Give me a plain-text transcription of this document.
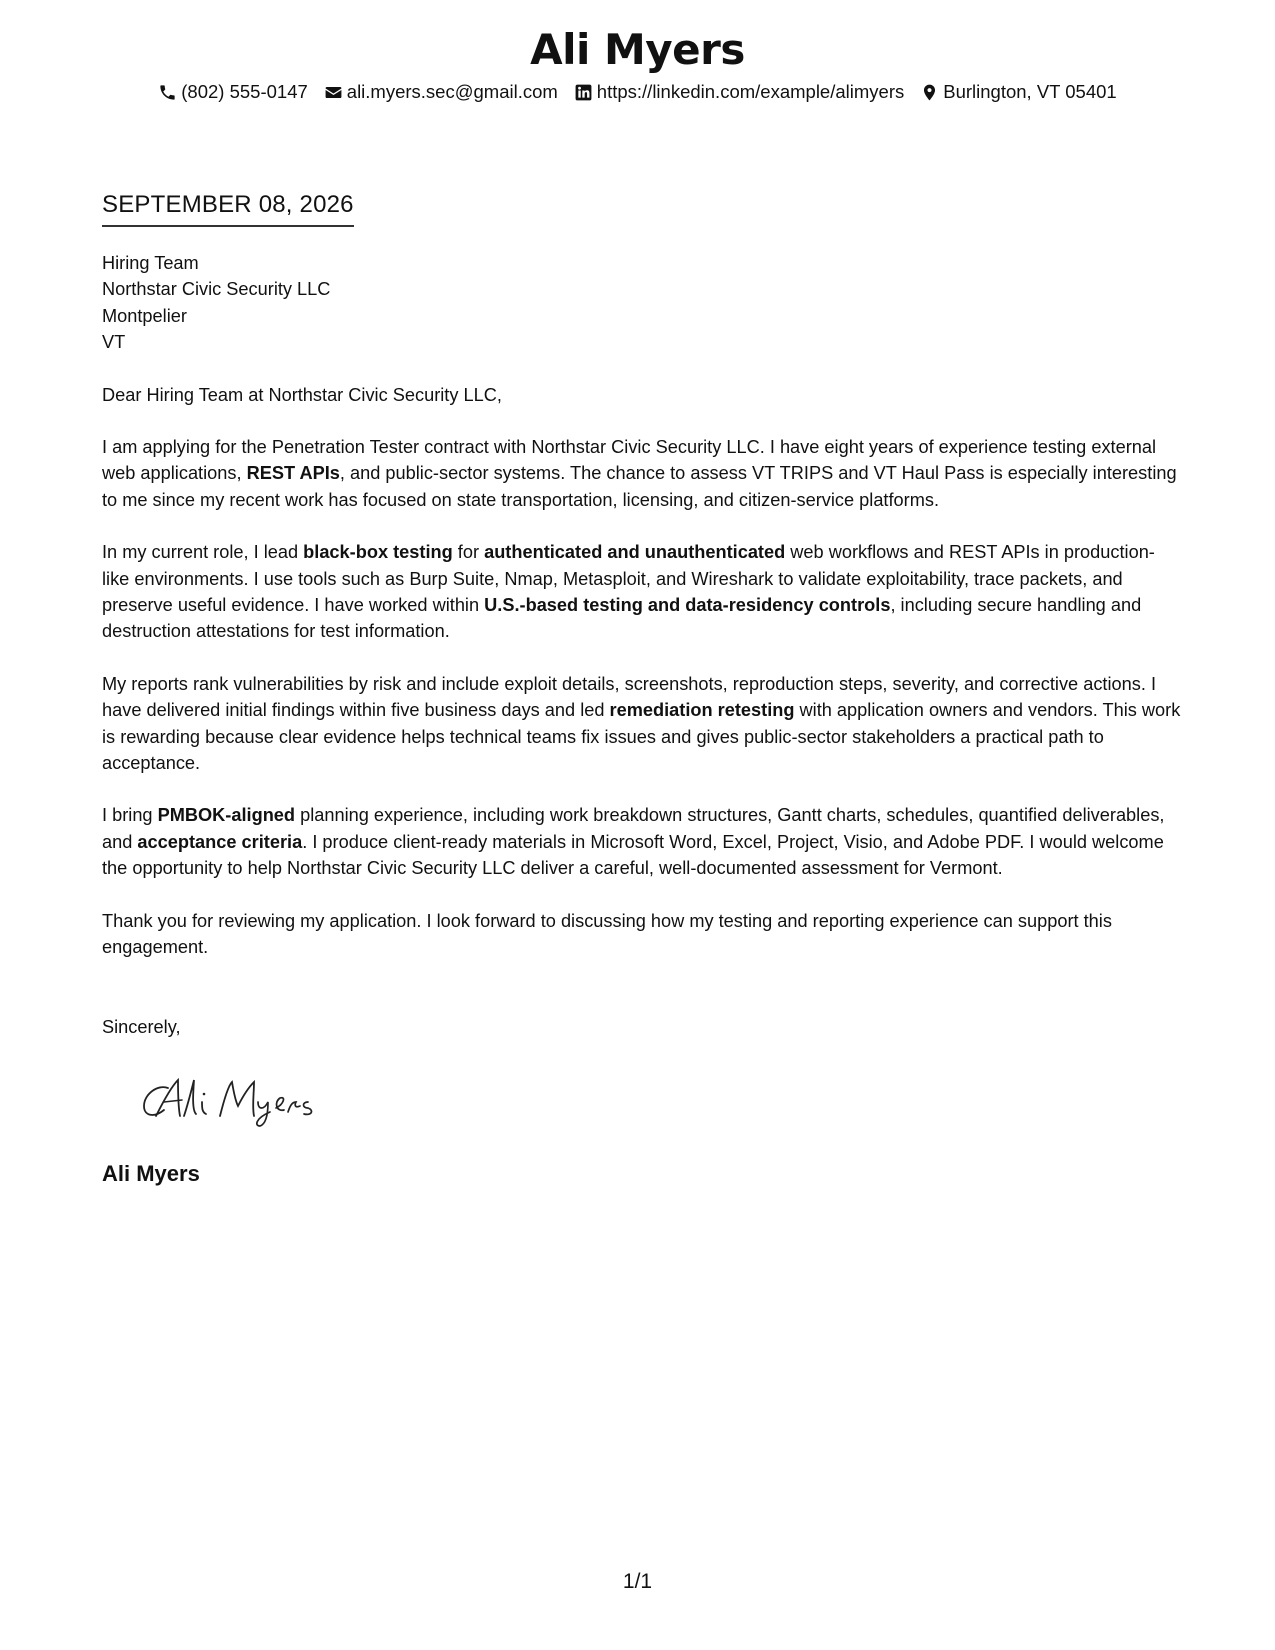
Ali Myers
(802) 555-0147 ali.myers.sec@gmail.com https://linkedin.com/example/alimyers Burlington, VT 05401
SEPTEMBER 08, 2026
Hiring Team
Northstar Civic Security LLC
Montpelier
VT

Dear Hiring Team at Northstar Civic Security LLC,

I am applying for the Penetration Tester contract with Northstar Civic Security LLC. I have eight years of experience testing external web applications, REST APIs, and public-sector systems. The chance to assess VT TRIPS and VT Haul Pass is especially interesting to me since my recent work has focused on state transportation, licensing, and citizen-service platforms.

In my current role, I lead black-box testing for authenticated and unauthenticated web workflows and REST APIs in production-like environments. I use tools such as Burp Suite, Nmap, Metasploit, and Wireshark to validate exploitability, trace packets, and preserve useful evidence. I have worked within U.S.-based testing and data-residency controls, including secure handling and destruction attestations for test information.

My reports rank vulnerabilities by risk and include exploit details, screenshots, reproduction steps, severity, and corrective actions. I have delivered initial findings within five business days and led remediation retesting with application owners and vendors. This work is rewarding because clear evidence helps technical teams fix issues and gives public-sector stakeholders a practical path to acceptance.

I bring PMBOK-aligned planning experience, including work breakdown structures, Gantt charts, schedules, quantified deliverables, and acceptance criteria. I produce client-ready materials in Microsoft Word, Excel, Project, Visio, and Adobe PDF. I would welcome the opportunity to help Northstar Civic Security LLC deliver a careful, well-documented assessment for Vermont.

Thank you for reviewing my application. I look forward to discussing how my testing and reporting experience can support this engagement.

Sincerely,

Ali Myers
1/1
